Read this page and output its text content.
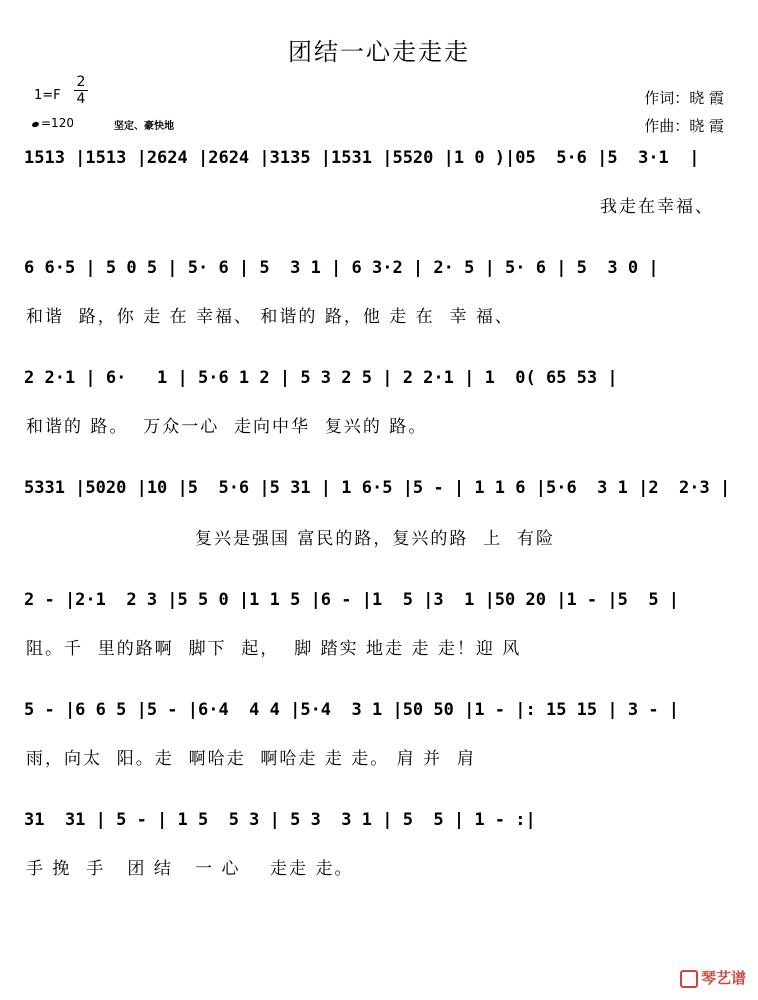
团结一心走走走
1=F
2
4
=120	坚定、豪快地
作词：晓 霞
作曲：晓 霞
1513 |1513 |2624 |2624 |3135 |1531 |5520 |1 0 )|05  5·6 |5  3·1  |
我走在幸福、
6 6·5 | 5 0 5 | 5· 6 | 5  3 1 | 6 3·2 | 2· 5 | 5· 6 | 5  3 0 |
和谐  路，你 走 在 幸福、 和谐的 路，他 走 在  幸 福、
2 2·1 | 6·   1 | 5·6 1 2 | 5 3 2 5 | 2 2·1 | 1  0( 65 53 |
和谐的 路。  万众一心  走向中华  复兴的 路。
5331 |5020 |10 |5  5·6 |5 31 | 1 6·5 |5 - | 1 1 6 |5·6  3 1 |2  2·3 |
复兴是强国 富民的路，复兴的路  上  有险
2 - |2·1  2 3 |5 5 0 |1 1 5 |6 - |1  5 |3  1 |50 20 |1 - |5  5 |
阻。千  里的路啊  脚下  起，  脚 踏实 地走 走 走！迎 风
5 - |6 6 5 |5 - |6·4  4 4 |5·4  3 1 |50 50 |1 - |: 15 15 | 3 - |
雨，向太  阳。走  啊哈走  啊哈走 走 走。 肩 并  肩
31  31 | 5 - | 1 5  5 3 | 5 3  3 1 | 5  5 | 1 - :|
手 挽  手   团 结   一 心    走走 走。
琴艺谱
